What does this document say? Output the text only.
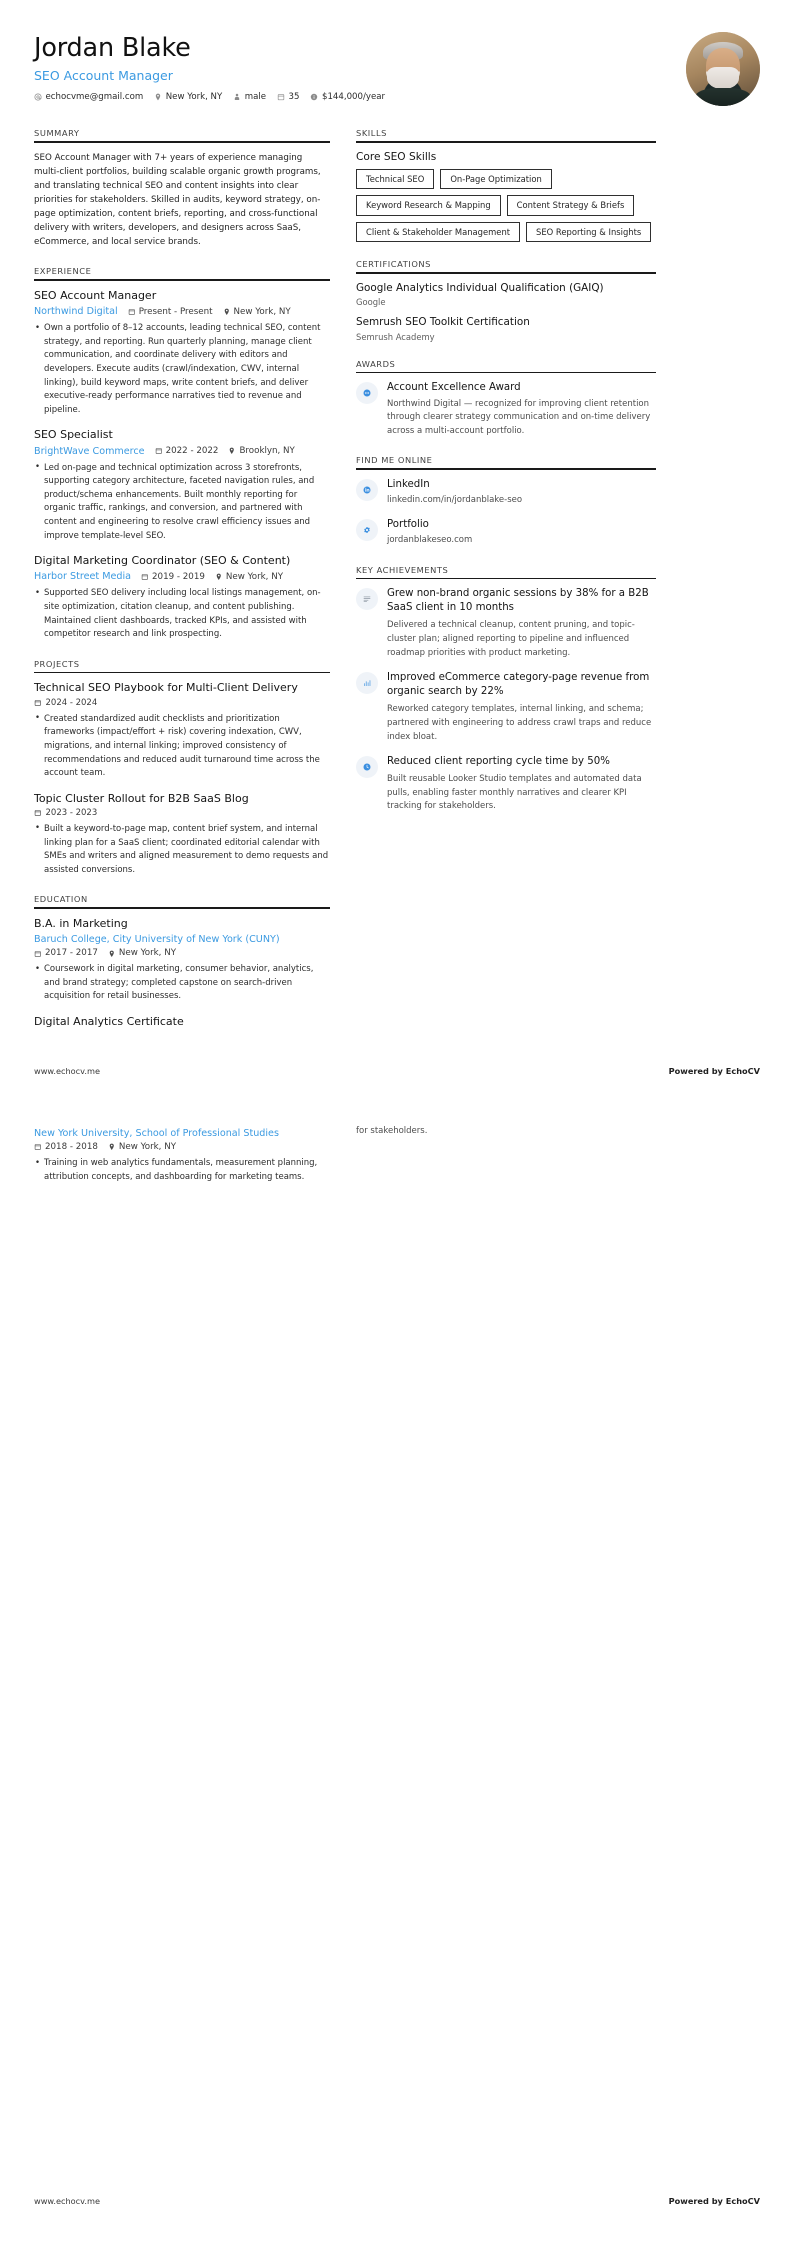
Jordan Blake
SEO Account Manager
echocvme@gmail.com	New York, NY	male	35	$144,000/year
SUMMARY
SEO Account Manager with 7+ years of experience managing multi-client portfolios, building scalable organic growth programs, and translating technical SEO and content insights into clear priorities for stakeholders. Skilled in audits, keyword strategy, on-page optimization, content briefs, reporting, and cross-functional delivery with writers, developers, and designers across SaaS, eCommerce, and local service brands.
EXPERIENCE
SEO Account Manager
Northwind Digital Present - Present New York, NY
• Own a portfolio of 8–12 accounts, leading technical SEO, content strategy, and reporting. Run quarterly planning, manage client communication, and coordinate delivery with editors and developers. Execute audits (crawl/indexation, CWV, internal linking), build keyword maps, write content briefs, and deliver executive-ready performance narratives tied to revenue and pipeline.
SEO Specialist
BrightWave Commerce 2022 - 2022 Brooklyn, NY
• Led on-page and technical optimization across 3 storefronts, supporting category architecture, faceted navigation rules, and product/schema enhancements. Built monthly reporting for organic traffic, rankings, and conversion, and partnered with content and engineering to resolve crawl efficiency issues and improve template-level SEO.
Digital Marketing Coordinator (SEO & Content)
Harbor Street Media 2019 - 2019 New York, NY
• Supported SEO delivery including local listings management, on-site optimization, citation cleanup, and content publishing. Maintained client dashboards, tracked KPIs, and assisted with competitor research and link prospecting.
PROJECTS
Technical SEO Playbook for Multi-Client Delivery
2024 - 2024
• Created standardized audit checklists and prioritization frameworks (impact/effort + risk) covering indexation, CWV, migrations, and internal linking; improved consistency of recommendations and reduced audit turnaround time across the account team.
Topic Cluster Rollout for B2B SaaS Blog
2023 - 2023
• Built a keyword-to-page map, content brief system, and internal linking plan for a SaaS client; coordinated editorial calendar with SMEs and writers and aligned measurement to demo requests and assisted conversions.
EDUCATION
B.A. in Marketing
Baruch College, City University of New York (CUNY)
2017 - 2017 New York, NY
• Coursework in digital marketing, consumer behavior, analytics, and brand strategy; completed capstone on search-driven acquisition for retail businesses.
Digital Analytics Certificate
SKILLS
Core SEO Skills
Technical SEO	On-Page Optimization
Keyword Research & Mapping	Content Strategy & Briefs
Client & Stakeholder Management	SEO Reporting & Insights
CERTIFICATIONS
Google Analytics Individual Qualification (GAIQ)
Google
Semrush SEO Toolkit Certification
Semrush Academy
AWARDS
Account Excellence Award
Northwind Digital — recognized for improving client retention through clearer strategy communication and on-time delivery across a multi-account portfolio.
FIND ME ONLINE
LinkedIn
linkedin.com/in/jordanblake-seo
Portfolio
jordanblakeseo.com
KEY ACHIEVEMENTS
Grew non-brand organic sessions by 38% for a B2B SaaS client in 10 months
Delivered a technical cleanup, content pruning, and topic-cluster plan; aligned reporting to pipeline and influenced roadmap priorities with product marketing.
Improved eCommerce category-page revenue from organic search by 22%
Reworked category templates, internal linking, and schema; partnered with engineering to address crawl traps and reduce index bloat.
Reduced client reporting cycle time by 50%
Built reusable Looker Studio templates and automated data pulls, enabling faster monthly narratives and clearer KPI tracking for stakeholders.
www.echocv.me	Powered by EchoCV
New York University, School of Professional Studies
2018 - 2018 New York, NY
• Training in web analytics fundamentals, measurement planning, attribution concepts, and dashboarding for marketing teams.
for stakeholders.
www.echocv.me	Powered by EchoCV
